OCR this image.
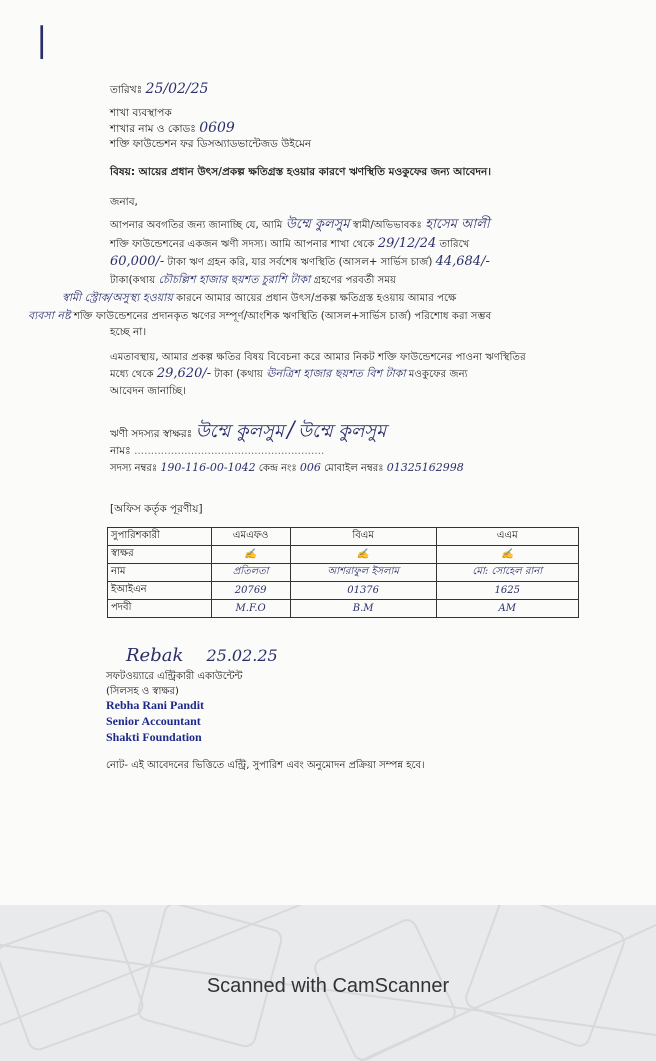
|
তারিখঃ 25/02/25
শাখা ব্যবস্থাপক
শাখার নাম ও কোডঃ 0609
শক্তি ফাউন্ডেশন ফর ডিসঅ্যাডভান্টেজড উইমেন
বিষয়: আয়ের প্রধান উৎস/প্রকল্প ক্ষতিগ্রস্ত হওয়ার কারণে ঋণস্থিতি মওকুফের জন্য আবেদন।
জনাব,
আপনার অবগতির জন্য জানাচ্ছি যে, আমি উম্মে কুলসুম স্বামী/অভিভাবকঃ হাসেম আলী
শক্তি ফাউন্ডেশনের একজন ঋণী সদস্য। আমি আপনার শাখা থেকে 29/12/24 তারিখে
60,000/- টাকা ঋণ গ্রহন করি, যার সর্বশেষ ঋণস্থিতি (আসল+ সার্ভিস চার্জ) 44,684/-
টাকা(কথায় চৌচল্লিশ হাজার ছয়শত চুরাশি টাকা গ্রহণের পরবর্তী সময়
স্বামী স্ট্রোক/অসুস্থ্য হওয়ায় কারনে আমার আয়ের প্রধান উৎস/প্রকল্প ক্ষতিগ্রস্ত হওয়ায় আমার পক্ষে
ব্যবসা নষ্ট শক্তি ফাউন্ডেশনের প্রদানকৃত ঋণের সম্পূর্ণ/আংশিক ঋণস্থিতি (আসল+সার্ভিস চার্জ) পরিশোধ করা সম্ভব
হচ্ছে না।
এমতাবস্থায়, আমার প্রকল্প ক্ষতির বিষয় বিবেচনা করে আমার নিকট শক্তি ফাউন্ডেশনের পাওনা ঋণস্থিতির
মধ্যে থেকে 29,620/- টাকা (কথায় ঊনত্রিশ হাজার ছয়শত বিশ টাকা মওকুফের জন্য
আবেদন জানাচ্ছি।
ঋণী সদস্যর স্বাক্ষরঃ উম্মে কুলসুম / উম্মে কুলসুম
নামঃ .........................................................
সদস্য নম্বরঃ 190-116-00-1042 কেন্দ্র নংঃ 006 মোবাইল নম্বরঃ 01325162998
[অফিস কর্তৃক পূরণীয়]
সুপারিশকারী	এমএফও	বিএম	এএম
স্বাক্ষর	✍	✍	✍
নাম	প্রতিলতা	আশরাফুল ইসলাম	মো: সোহেল রানা
ইআইএন	20769	01376	1625
পদবী	M.F.O	B.M	AM
Rebak 25.02.25
সফটওয়্যারে এন্ট্রিকারী একাউন্টেন্ট
(সিলসহ ও স্বাক্ষর)
Rebha Rani Pandit
Senior Accountant
Shakti Foundation
নোট- এই আবেদনের ভিত্তিতে এন্ট্রি, সুপারিশ এবং অনুমোদন প্রক্রিয়া সম্পন্ন হবে।
Scanned with CamScanner
